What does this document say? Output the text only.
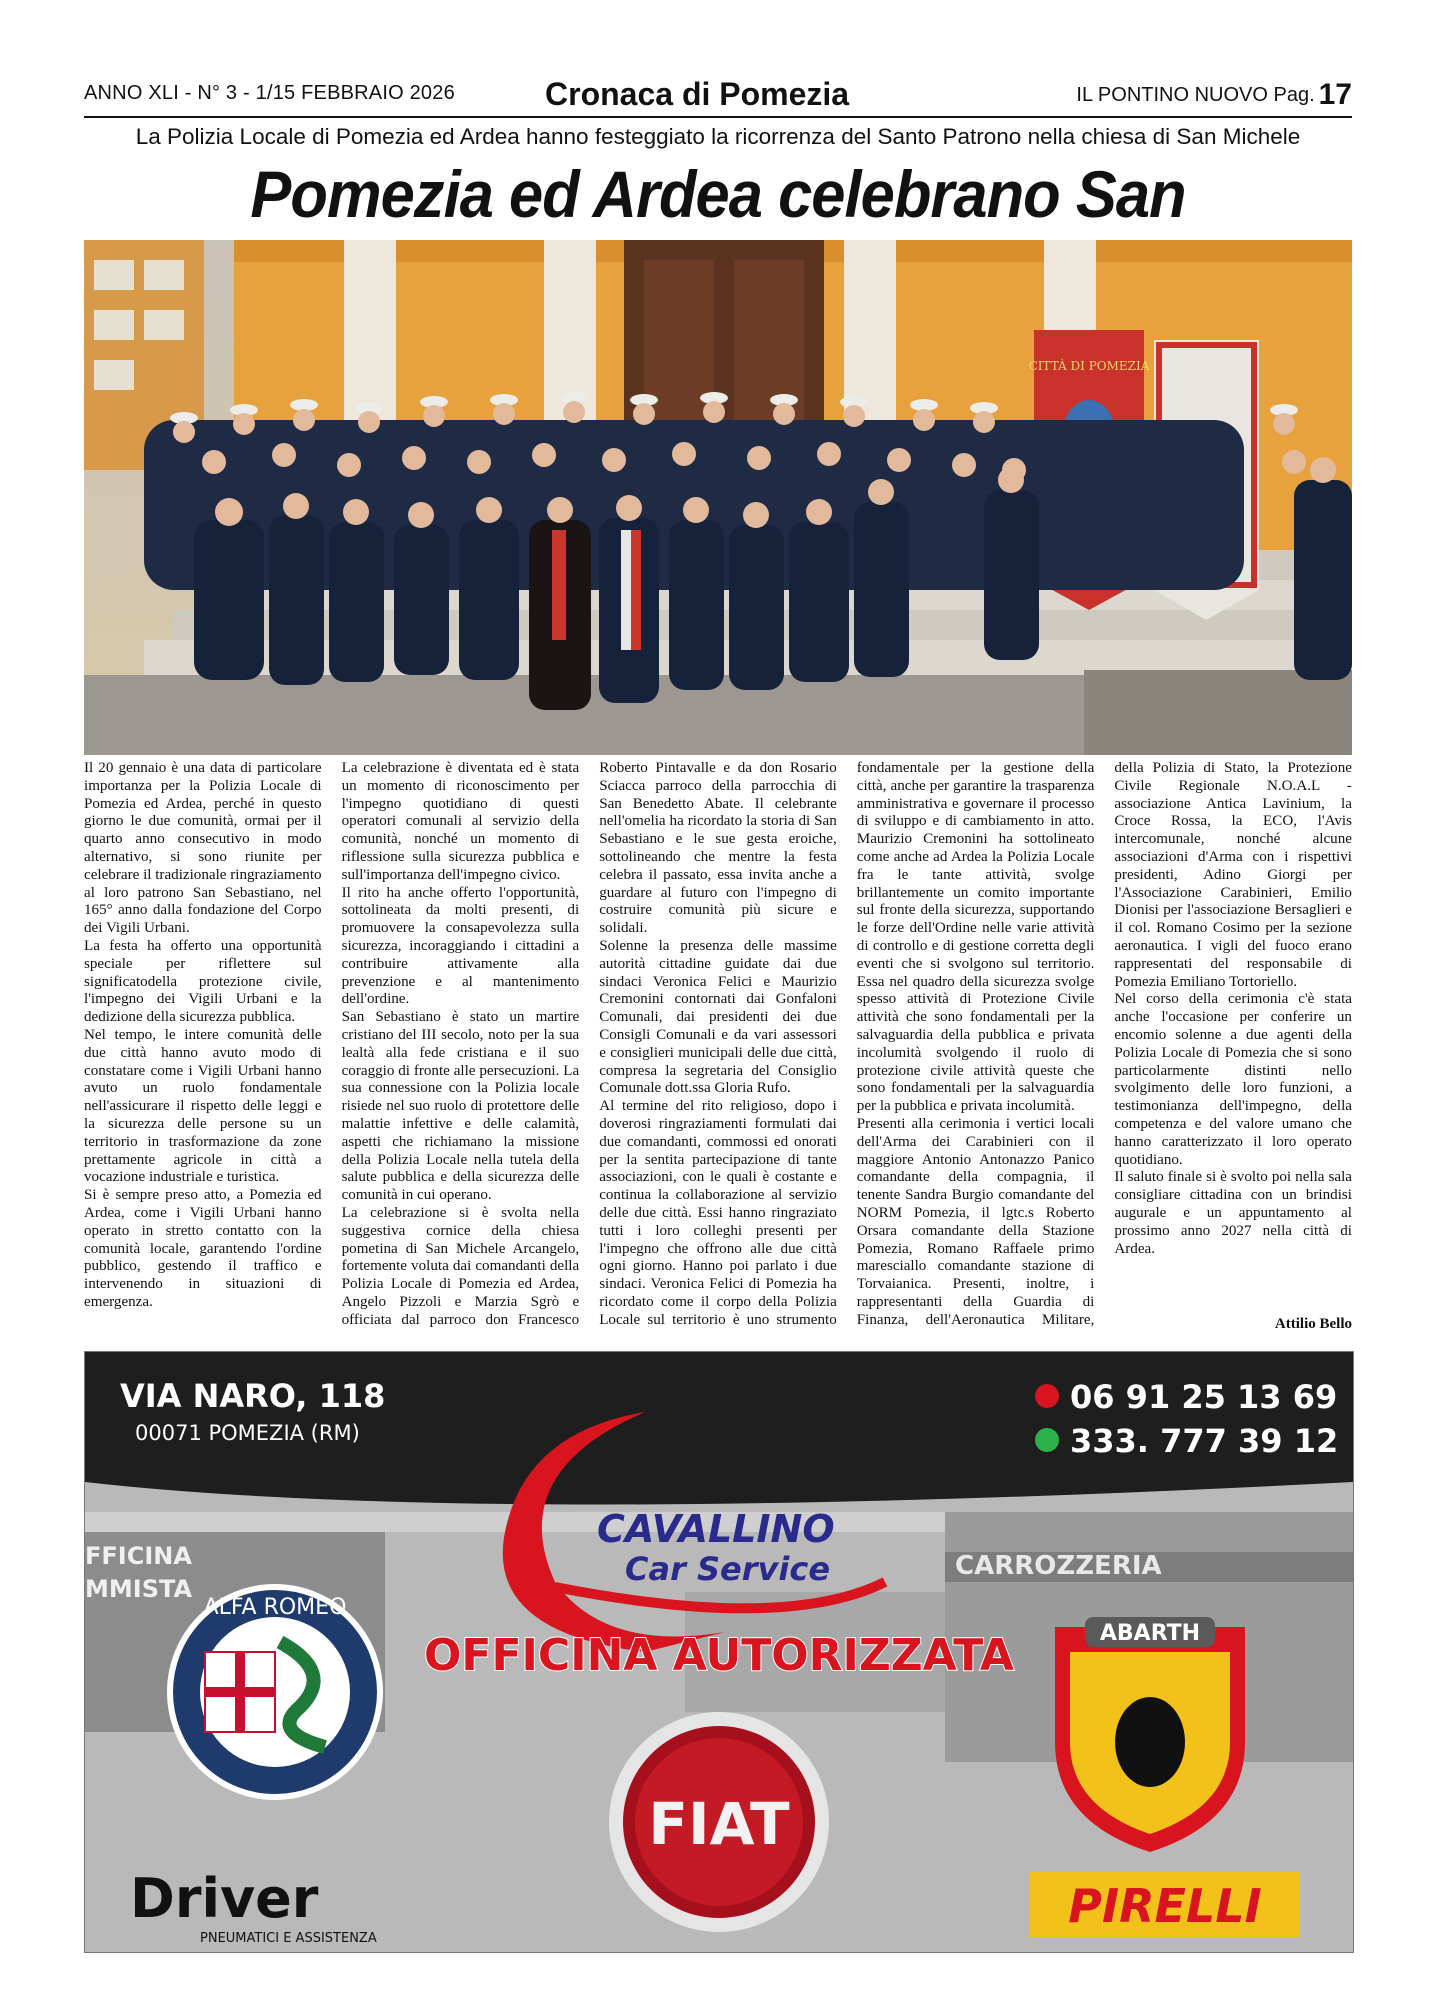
ANNO XLI - N° 3 - 1/15 FEBBRAIO 2026	Cronaca di Pomezia	IL PONTINO NUOVO Pag. 17
La Polizia Locale di Pomezia ed Ardea hanno festeggiato la ricorrenza del Santo Patrono nella chiesa di San Michele
Pomezia ed Ardea celebrano San
CITTÀ DI POMEZIA

Il 20 gennaio è una data di particolare importanza per la Polizia Locale di Pomezia ed Ardea, perché in questo giorno le due comunità, ormai per il quarto anno consecutivo in modo alternativo, si sono riunite per celebrare il tradizionale ringraziamento al loro patrono San Sebastiano, nel 165° anno dalla fondazione del Corpo dei Vigili Urbani.

La festa ha offerto una opportunità speciale per riflettere sul significatodella protezione civile, l'impegno dei Vigili Urbani e la dedizione della sicurezza pubblica.

Nel tempo, le intere comunità delle due città hanno avuto modo di constatare come i Vigili Urbani hanno avuto un ruolo fondamentale nell'assicurare il rispetto delle leggi e la sicurezza delle persone su un territorio in trasformazione da zone prettamente agricole in città a vocazione industriale e turistica.

Si è sempre preso atto, a Pomezia ed Ardea, come i Vigili Urbani hanno operato in stretto contatto con la comunità locale, garantendo l'ordine pubblico, gestendo il traffico e intervenendo in situazioni di emergenza.

La celebrazione è diventata ed è stata un momento di riconoscimento per l'impegno quotidiano di questi operatori comunali al servizio della comunità, nonché un momento di riflessione sulla sicurezza pubblica e sull'importanza dell'impegno civico.

Il rito ha anche offerto l'opportunità, sottolineata da molti presenti, di promuovere la consapevolezza sulla sicurezza, incoraggiando i cittadini a contribuire attivamente alla prevenzione e al mantenimento dell'ordine.

San Sebastiano è stato un martire cristiano del III secolo, noto per la sua lealtà alla fede cristiana e il suo coraggio di fronte alle persecuzioni. La sua connessione con la Polizia locale risiede nel suo ruolo di protettore delle malattie infettive e delle calamità, aspetti che richiamano la missione della Polizia Locale nella tutela della salute pubblica e della sicurezza delle comunità in cui operano.

La celebrazione si è svolta nella suggestiva cornice della chiesa pometina di San Michele Arcangelo, fortemente voluta dai comandanti della Polizia Locale di Pomezia ed Ardea, Angelo Pizzoli e Marzia Sgrò e officiata dal parroco don Francesco Roberto Pintavalle e da don Rosario Sciacca parroco della parrocchia di San Benedetto Abate. Il celebrante nell'omelia ha ricordato la storia di San Sebastiano e le sue gesta eroiche, sottolineando che mentre la festa celebra il passato, essa invita anche a guardare al futuro con l'impegno di costruire comunità più sicure e solidali.

Solenne la presenza delle massime autorità cittadine guidate dai due sindaci Veronica Felici e Maurizio Cremonini contornati dai Gonfaloni Comunali, dai presidenti dei due Consigli Comunali e da vari assessori e consiglieri municipali delle due città, compresa la segretaria del Consiglio Comunale dott.ssa Gloria Rufo.

Al termine del rito religioso, dopo i doverosi ringraziamenti formulati dai due comandanti, commossi ed onorati per la sentita partecipazione di tante associazioni, con le quali è costante e continua la collaborazione al servizio delle due città. Essi hanno ringraziato tutti i loro colleghi presenti per l'impegno che offrono alle due città ogni giorno. Hanno poi parlato i due sindaci. Veronica Felici di Pomezia ha ricordato come il corpo della Polizia Locale sul territorio è uno strumento fondamentale per la gestione della città, anche per garantire la trasparenza amministrativa e governare il processo di sviluppo e di cambiamento in atto. Maurizio Cremonini ha sottolineato come anche ad Ardea la Polizia Locale fra le tante attività, svolge brillantemente un comito importante sul fronte della sicurezza, supportando le forze dell'Ordine nelle varie attività di controllo e di gestione corretta degli eventi che si svolgono sul territorio. Essa nel quadro della sicurezza svolge spesso attività di Protezione Civile attività che sono fondamentali per la salvaguardia della pubblica e privata incolumità svolgendo il ruolo di protezione civile attività queste che sono fondamentali per la salvaguardia per la pubblica e privata incolumità.

Presenti alla cerimonia i vertici locali dell'Arma dei Carabinieri con il maggiore Antonio Antonazzo Panico comandante della compagnia, il tenente Sandra Burgio comandante del NORM Pomezia, il lgtc.s Roberto Orsara comandante della Stazione Pomezia, Romano Raffaele primo maresciallo comandante stazione di Torvaianica. Presenti, inoltre, i rappresentanti della Guardia di Finanza, dell'Aeronautica Militare, della Polizia di Stato, la Protezione Civile Regionale N.O.A.L - associazione Antica Lavinium, la Croce Rossa, la ECO, l'Avis intercomunale, nonché alcune associazioni d'Arma con i rispettivi presidenti, Adino Giorgi per l'Associazione Carabinieri, Emilio Dionisi per l'associazione Bersaglieri e il col. Romano Cosimo per la sezione aeronautica. I vigli del fuoco erano rappresentati del responsabile di Pomezia Emiliano Tortoriello.

Nel corso della cerimonia c'è stata anche l'occasione per conferire un encomio solenne a due agenti della Polizia Locale di Pomezia che si sono particolarmente distinti nello svolgimento delle loro funzioni, a testimonianza dell'impegno, della competenza e del valore umano che hanno caratterizzato il loro operato quotidiano.

Il saluto finale si è svolto poi nella sala consigliare cittadina con un brindisi augurale e un appuntamento al prossimo anno 2027 nella città di Ardea.

Attilio Bello
CARROZZERIA
FFICINA
MMISTA
VIA NARO, 118
00071 POMEZIA (RM)
06 91 25 13 69
333. 777 39 12
CAVALLINO
Car Service
OFFICINA AUTORIZZATA
ALFA ROMEO
FIAT
ABARTH
Driver
PNEUMATICI E ASSISTENZA
PIRELLI
